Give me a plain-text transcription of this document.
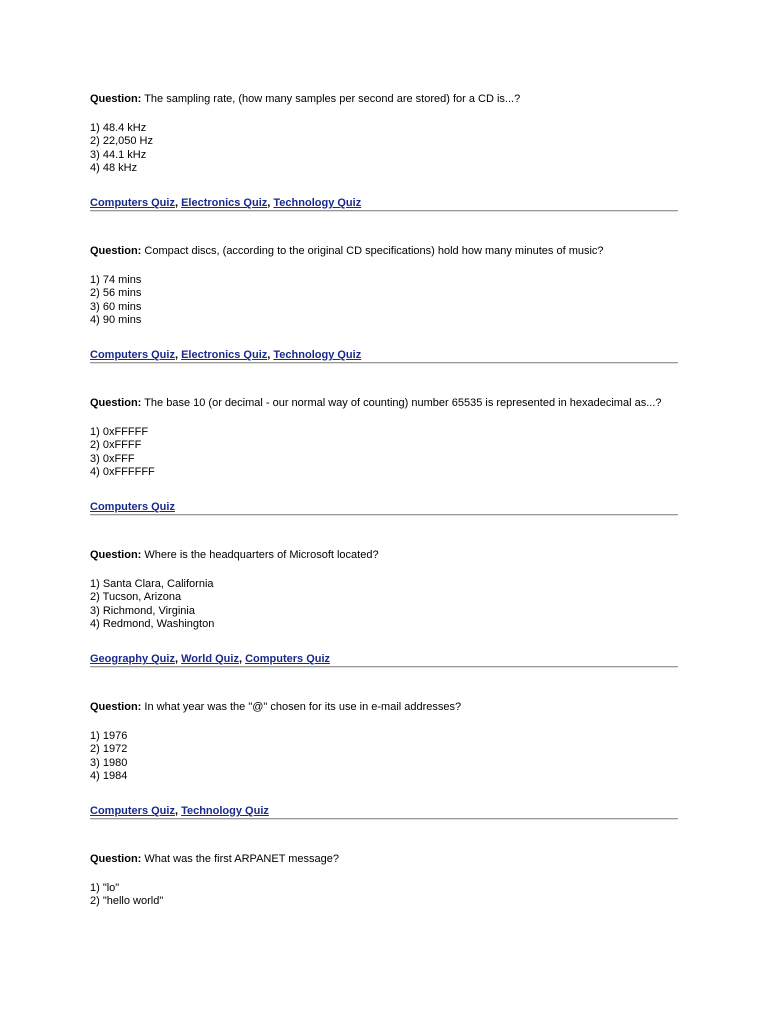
Question: The sampling rate, (how many samples per second are stored) for a CD is...?

1) 48.4 kHz
2) 22,050 Hz
3) 44.1 kHz
4) 48 kHz
Computers Quiz, Electronics Quiz, Technology Quiz

Question: Compact discs, (according to the original CD specifications) hold how many minutes of music?

1) 74 mins
2) 56 mins
3) 60 mins
4) 90 mins
Computers Quiz, Electronics Quiz, Technology Quiz

Question: The base 10 (or decimal - our normal way of counting) number 65535 is represented in hexadecimal as...?

1) 0xFFFFF
2) 0xFFFF
3) 0xFFF
4) 0xFFFFFF
Computers Quiz

Question: Where is the headquarters of Microsoft located?

1) Santa Clara, California
2) Tucson, Arizona
3) Richmond, Virginia
4) Redmond, Washington
Geography Quiz, World Quiz, Computers Quiz

Question: In what year was the "@" chosen for its use in e-mail addresses?

1) 1976
2) 1972
3) 1980
4) 1984
Computers Quiz, Technology Quiz

Question: What was the first ARPANET message?

1) "lo"
2) "hello world"
